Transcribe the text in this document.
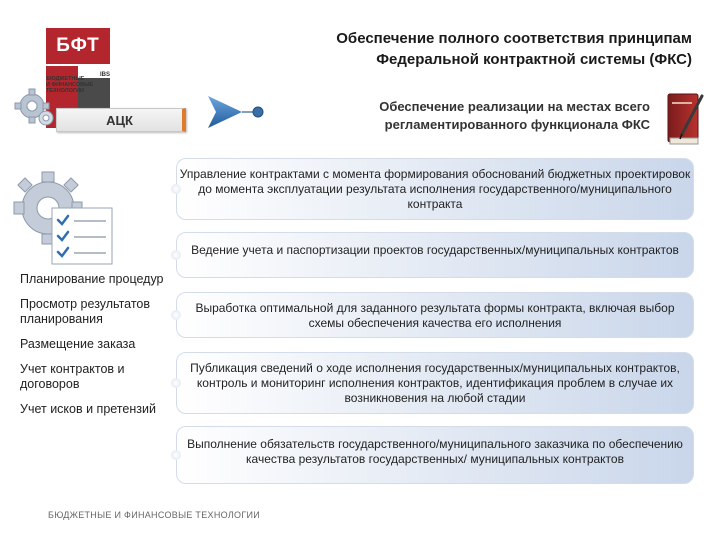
БФТ
IBS
БЮДЖЕТНЫЕ
И ФИНАНСОВЫЕ
ТЕХНОЛОГИИ
Обеспечение полного соответствия принципам
Федеральной контрактной системы (ФКС)
АЦК
Обеспечение реализации на местах всего
регламентированного функционала ФКС
Планирование процедур
Просмотр результатов планирования
Размещение заказа
Учет контрактов и договоров
Учет исков и претензий
Управление контрактами с момента формирования обоснований бюджетных проектировок до момента эксплуатации результата исполнения государственного/муниципального контракта
Ведение учета и паспортизации проектов государственных/муниципальных контрактов
Выработка оптимальной для заданного результата формы контракта, включая выбор схемы обеспечения качества его исполнения
Публикация сведений о ходе исполнения государственных/муниципальных контрактов, контроль и мониторинг исполнения контрактов, идентификация проблем в случае их возникновения на любой стадии
Выполнение обязательств государственного/муниципального заказчика по обеспечению качества результатов государственных/ муниципальных контрактов
БЮДЖЕТНЫЕ И ФИНАНСОВЫЕ ТЕХНОЛОГИИ
